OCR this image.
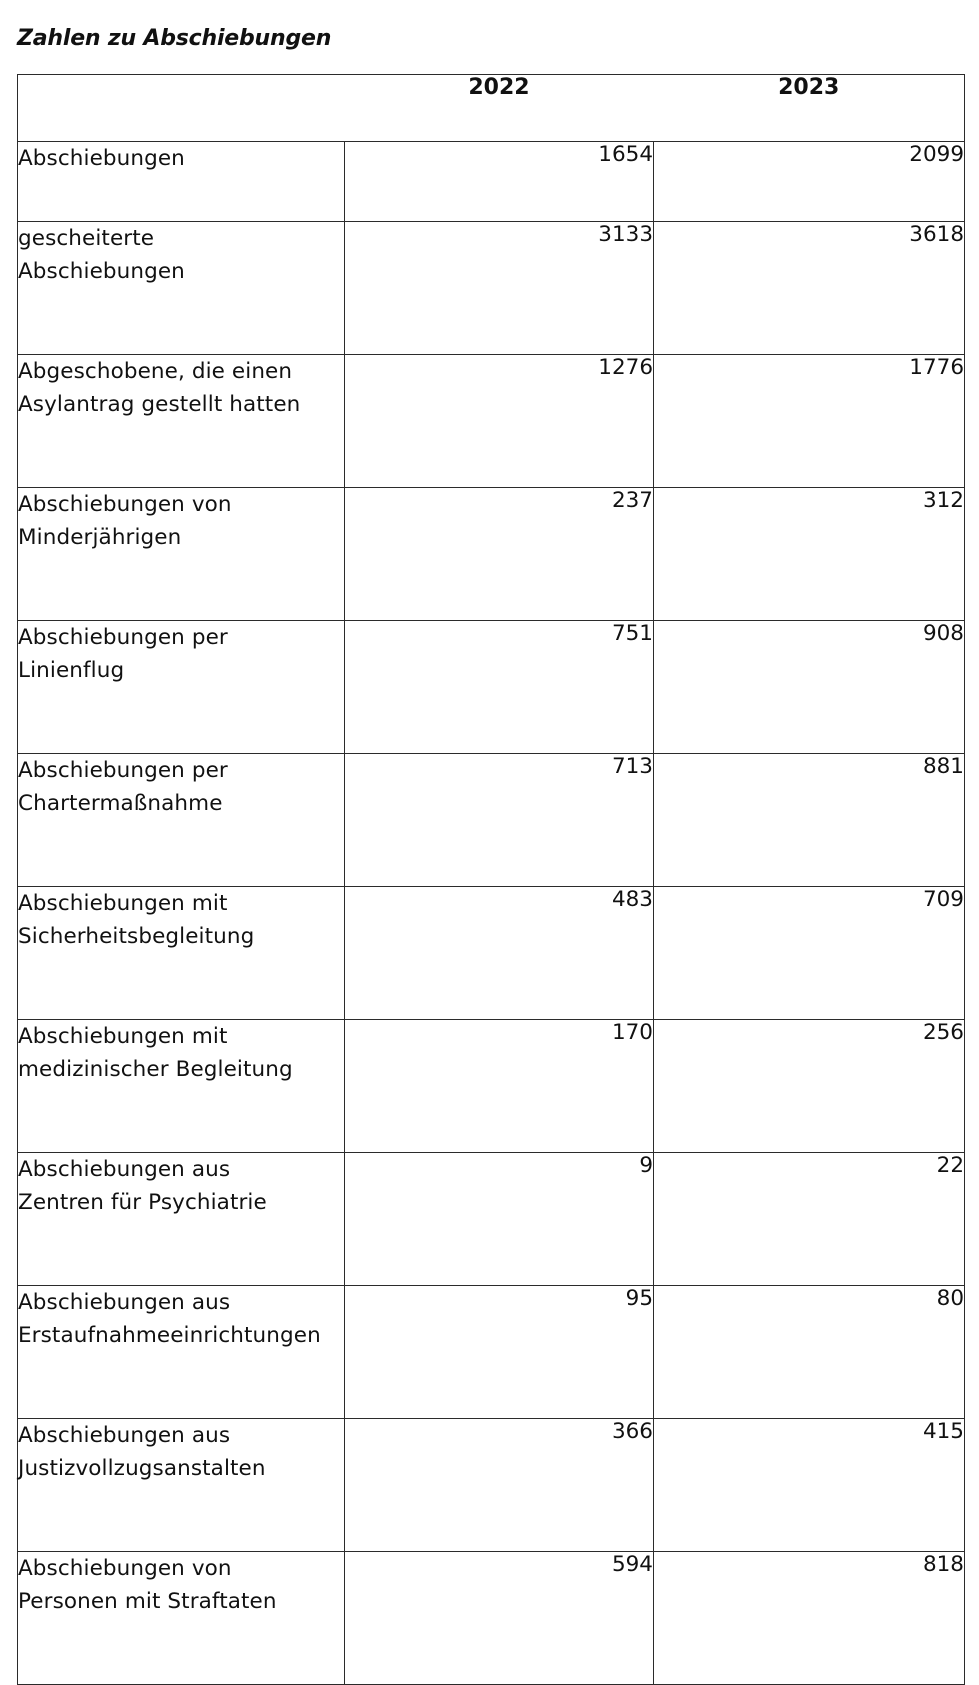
Zahlen zu Abschiebungen
	2022	2023

Abschiebungen	1654	2099

gescheiterte
Abschiebungen	3133	3618

Abgeschobene, die einen
Asylantrag gestellt hatten	1276	1776

Abschiebungen von
Minderjährigen	237	312

Abschiebungen per
Linienflug	751	908

Abschiebungen per
Chartermaßnahme	713	881

Abschiebungen mit
Sicherheitsbegleitung	483	709

Abschiebungen mit
medizinischer Begleitung	170	256

Abschiebungen aus
Zentren für Psychiatrie	9	22

Abschiebungen aus
Erstaufnahmeeinrichtungen	95	80

Abschiebungen aus
Justizvollzugsanstalten	366	415

Abschiebungen von
Personen mit Straftaten	594	818
